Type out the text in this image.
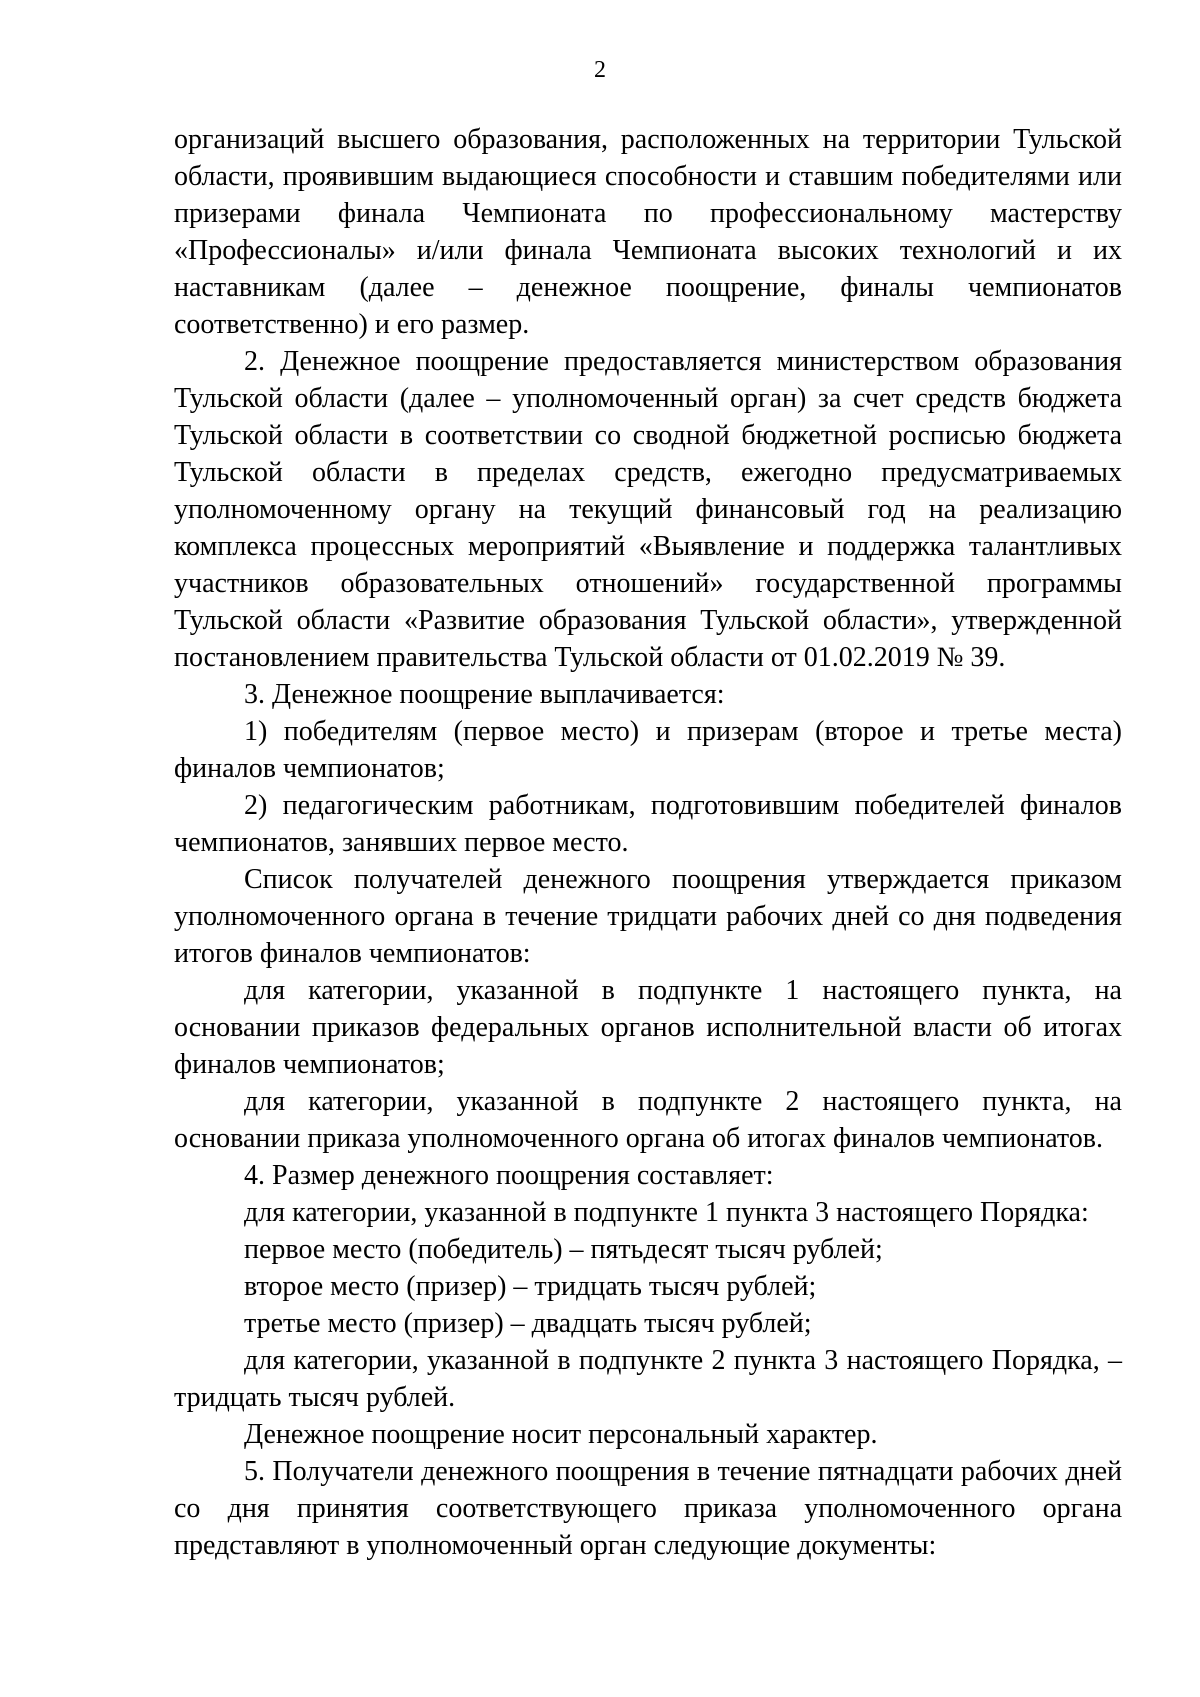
2

организаций высшего образования, расположенных на территории Тульской области, проявившим выдающиеся способности и ставшим победителями или призерами финала Чемпионата по профессиональному мастерству «Профессионалы» и/или финала Чемпионата высоких технологий и их наставникам (далее – денежное поощрение, финалы чемпионатов соответственно) и его размер.

2. Денежное поощрение предоставляется министерством образования Тульской области (далее – уполномоченный орган) за счет средств бюджета Тульской области в соответствии со сводной бюджетной росписью бюджета Тульской области в пределах средств, ежегодно предусматриваемых уполномоченному органу на текущий финансовый год на реализацию комплекса процессных мероприятий «Выявление и поддержка талантливых участников образовательных отношений» государственной программы Тульской области «Развитие образования Тульской области», утвержденной постановлением правительства Тульской области от 01.02.2019 № 39.

3. Денежное поощрение выплачивается:

1) победителям (первое место) и призерам (второе и третье места) финалов чемпионатов;

2) педагогическим работникам, подготовившим победителей финалов чемпионатов, занявших первое место.

Список получателей денежного поощрения утверждается приказом уполномоченного органа в течение тридцати рабочих дней со дня подведения итогов финалов чемпионатов:

для категории, указанной в подпункте 1 настоящего пункта, на основании приказов федеральных органов исполнительной власти об итогах финалов чемпионатов;

для категории, указанной в подпункте 2 настоящего пункта, на основании приказа уполномоченного органа об итогах финалов чемпионатов.

4. Размер денежного поощрения составляет:

для категории, указанной в подпункте 1 пункта 3 настоящего Порядка:

первое место (победитель) – пятьдесят тысяч рублей;

второе место (призер) – тридцать тысяч рублей;

третье место (призер) – двадцать тысяч рублей;

для категории, указанной в подпункте 2 пункта 3 настоящего Порядка, – тридцать тысяч рублей.

Денежное поощрение носит персональный характер.

5. Получатели денежного поощрения в течение пятнадцати рабочих дней со дня принятия соответствующего приказа уполномоченного органа представляют в уполномоченный орган следующие документы:
